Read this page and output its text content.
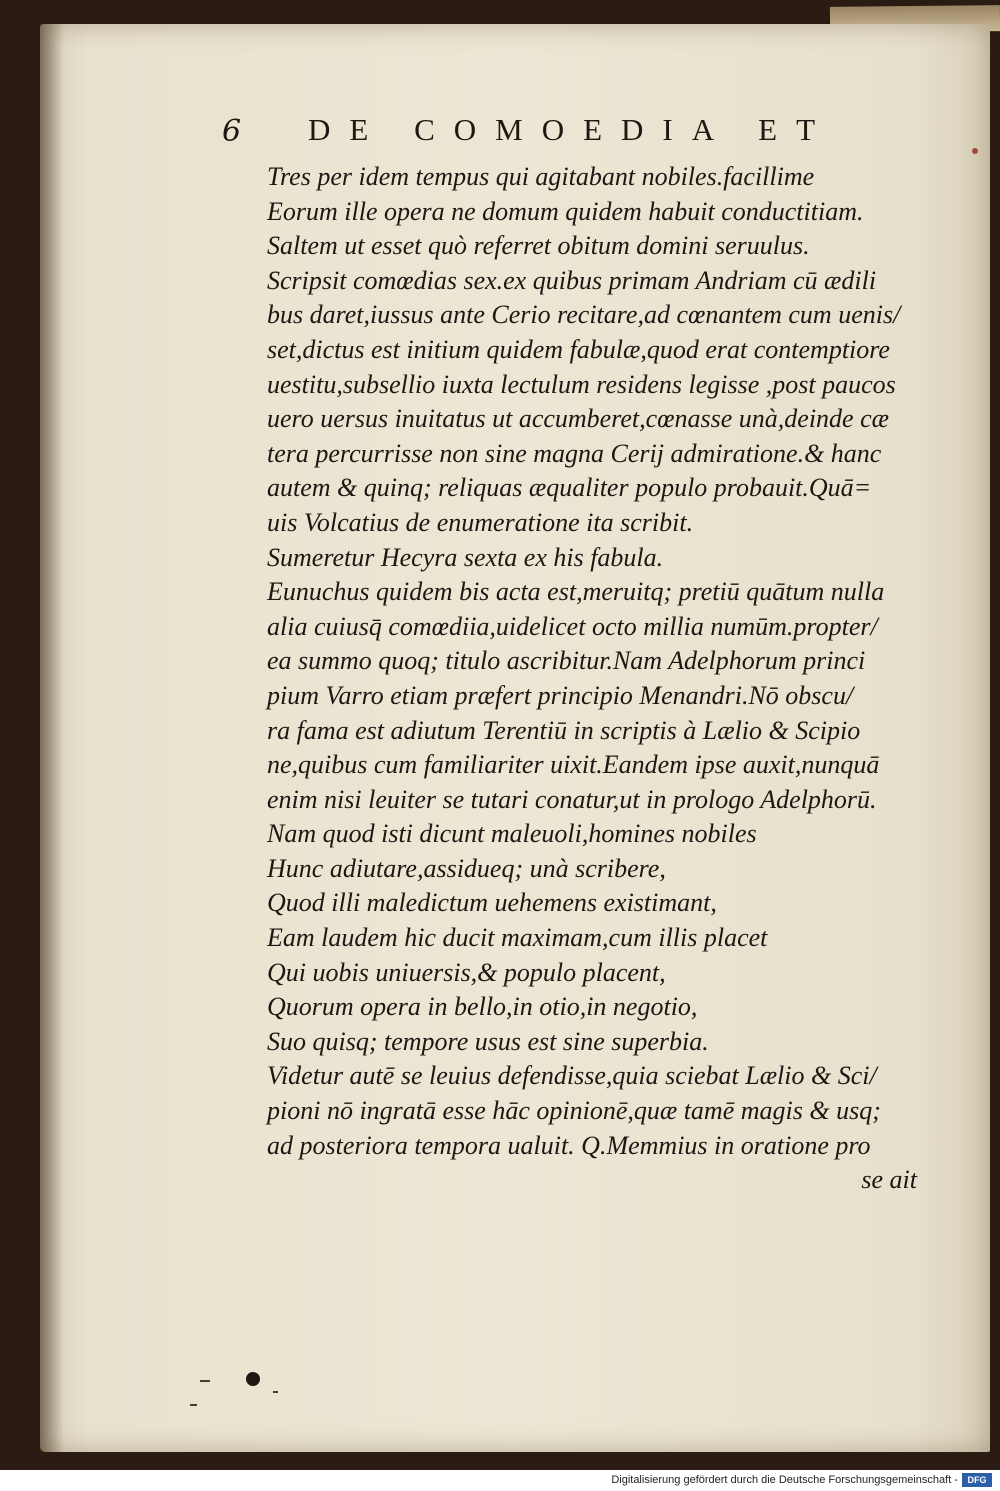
6 DE COMOEDIA ET
Tres per idem tempus qui agitabant nobiles.facillime
Eorum ille opera ne domum quidem habuit conductitiam.
Saltem ut esset quò referret obitum domini seruulus.
Scripsit comœdias sex.ex quibus primam Andriam cū ædili
bus daret,iussus ante Cerio recitare,ad cœnantem cum uenis/
set,dictus est initium quidem fabulæ,quod erat contemptiore
uestitu,subsellio iuxta lectulum residens legisse ,post paucos
uero uersus inuitatus ut accumberet,cœnasse unà,deinde cæ
tera percurrisse non sine magna Cerij admiratione.& hanc
autem & quinq; reliquas æqualiter populo probauit.Quā=
uis Volcatius de enumeratione ita scribit.
Sumeretur Hecyra sexta ex his fabula.
Eunuchus quidem bis acta est,meruitq; pretiū quātum nulla
alia cuiusq̄ comœdiia,uidelicet octo millia numūm.propter/
ea summo quoq; titulo ascribitur.Nam Adelphorum princi
pium Varro etiam præfert principio Menandri.Nō obscu/
ra fama est adiutum Terentiū in scriptis à Lælio & Scipio
ne,quibus cum familiariter uixit.Eandem ipse auxit,nunquā
enim nisi leuiter se tutari conatur,ut in prologo Adelphorū.
Nam quod isti dicunt maleuoli,homines nobiles
Hunc adiutare,assidueq; unà scribere,
Quod illi maledictum uehemens existimant,
Eam laudem hic ducit maximam,cum illis placet
Qui uobis uniuersis,& populo placent,
Quorum opera in bello,in otio,in negotio,
Suo quisq; tempore usus est sine superbia.
Videtur autē se leuius defendisse,quia sciebat Lælio & Sci/
pioni nō ingratā esse hāc opinionē,quæ tamē magis & usq;
ad posteriora tempora ualuit. Q.Memmius in oratione pro
se ait
Digitalisierung gefördert durch die Deutsche Forschungsgemeinschaft -	DFG
